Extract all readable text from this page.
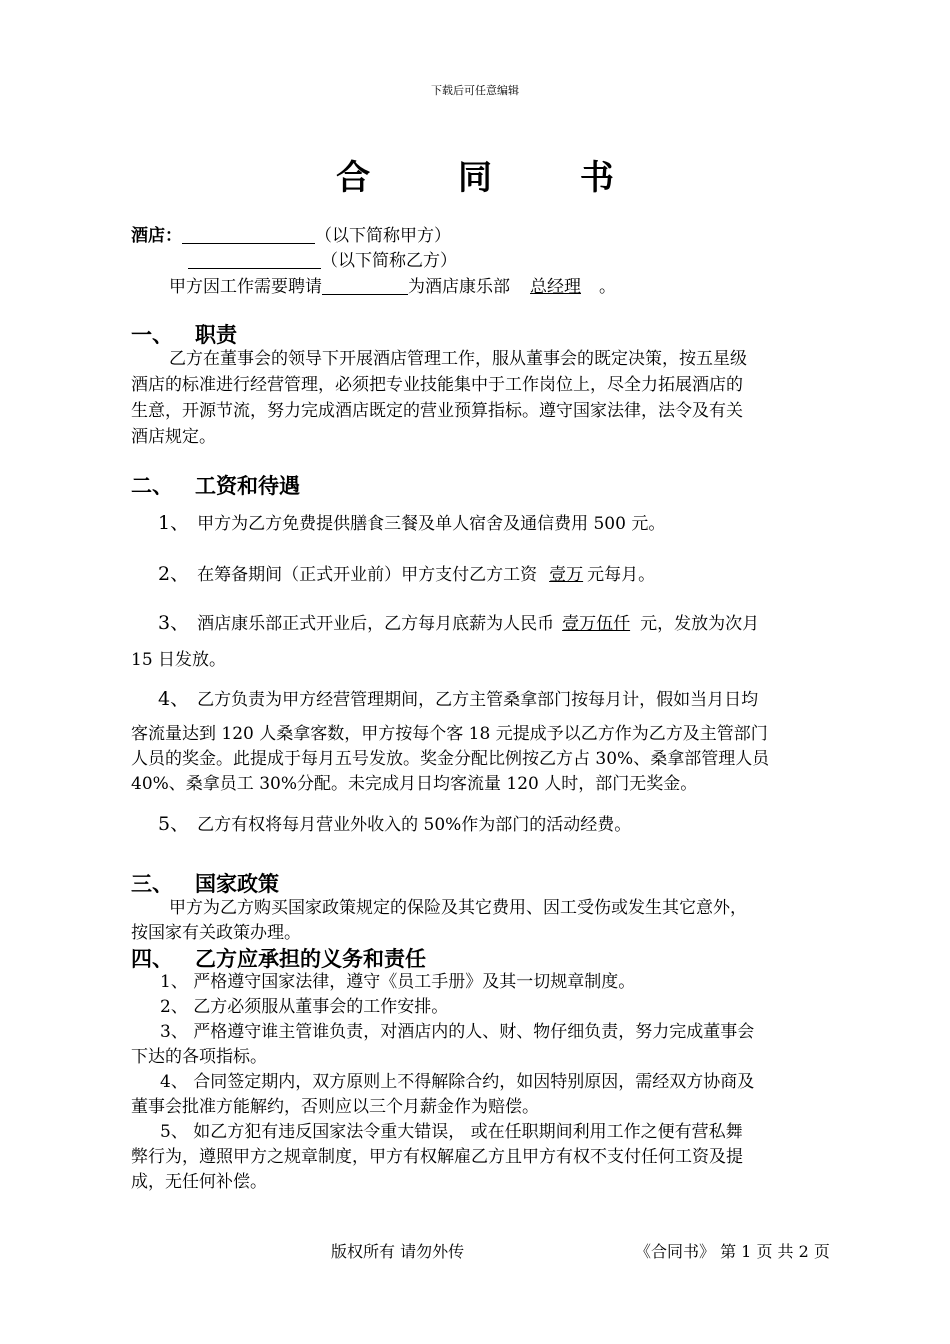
下载后可任意编辑
合 同 书
酒店：	（以下简称甲方）
（以下简称乙方）
甲方因工作需要聘请	为酒店康乐部 总经理 。
一、 职责
乙方在董事会的领导下开展酒店管理工作，服从董事会的既定决策，按五星级
酒店的标准进行经营管理，必须把专业技能集中于工作岗位上，尽全力拓展酒店的
生意，开源节流，努力完成酒店既定的营业预算指标。遵守国家法律，法令及有关
酒店规定。
二、 工资和待遇
1、 甲方为乙方免费提供膳食三餐及单人宿舍及通信费用 500 元。
2、 在筹备期间（正式开业前）甲方支付乙方工资 壹万 元每月。
3、 酒店康乐部正式开业后，乙方每月底薪为人民币 壹万伍仟 元，发放为次月
15 日发放。
4、 乙方负责为甲方经营管理期间，乙方主管桑拿部门按每月计，假如当月日均
客流量达到 120 人桑拿客数，甲方按每个客 18 元提成予以乙方作为乙方及主管部门
人员的奖金。此提成于每月五号发放。奖金分配比例按乙方占 30%、桑拿部管理人员
40%、桑拿员工 30%分配。未完成月日均客流量 120 人时，部门无奖金。
5、 乙方有权将每月营业外收入的 50%作为部门的活动经费。
三、 国家政策
甲方为乙方购买国家政策规定的保险及其它费用、因工受伤或发生其它意外，
按国家有关政策办理。
四、 乙方应承担的义务和责任
1、 严格遵守国家法律，遵守《员工手册》及其一切规章制度。
2、 乙方必须服从董事会的工作安排。
3、 严格遵守谁主管谁负责，对酒店内的人、财、物仔细负责，努力完成董事会
下达的各项指标。
4、 合同签定期内，双方原则上不得解除合约，如因特别原因，需经双方协商及
董事会批准方能解约，否则应以三个月薪金作为赔偿。
5、 如乙方犯有违反国家法令重大错误， 或在任职期间利用工作之便有营私舞
弊行为，遵照甲方之规章制度，甲方有权解雇乙方且甲方有权不支付任何工资及提
成，无任何补偿。
版权所有 请勿外传	《合同书》 第 1 页 共 2 页
